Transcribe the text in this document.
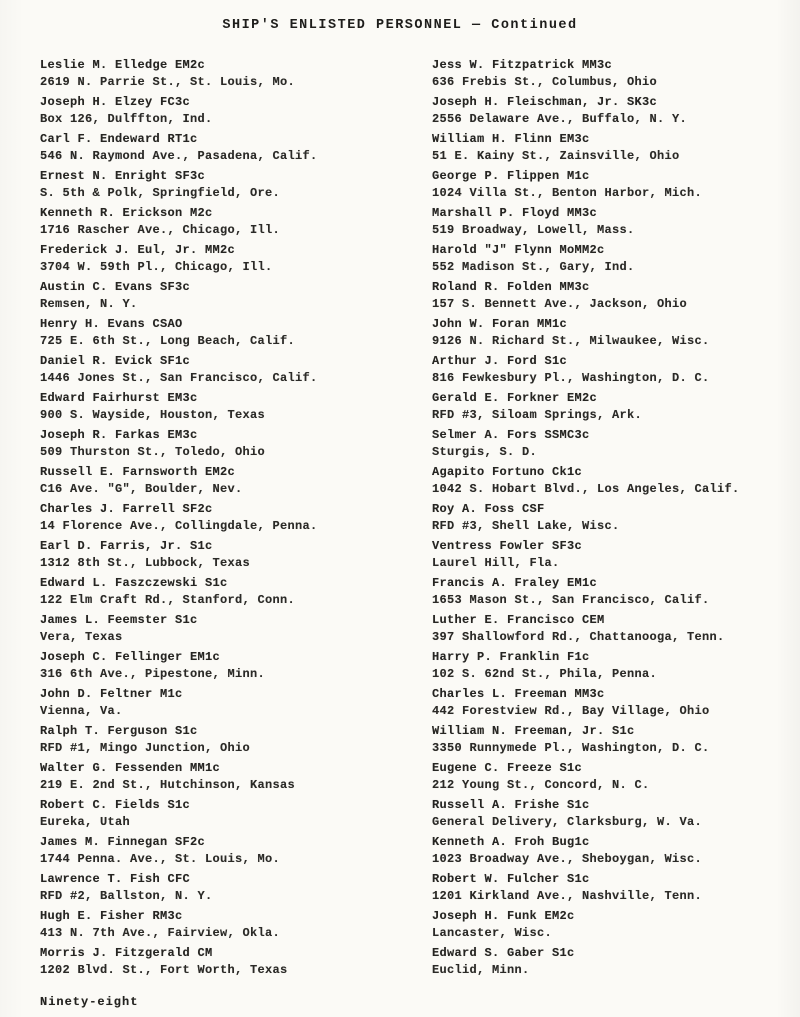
SHIP'S ENLISTED PERSONNEL — Continued
Leslie M. Elledge EM2c
2619 N. Parrie St., St. Louis, Mo.
Joseph H. Elzey FC3c
Box 126, Dulffton, Ind.
Carl F. Endeward RT1c
546 N. Raymond Ave., Pasadena, Calif.
Ernest N. Enright SF3c
S. 5th & Polk, Springfield, Ore.
Kenneth R. Erickson M2c
1716 Rascher Ave., Chicago, Ill.
Frederick J. Eul, Jr. MM2c
3704 W. 59th Pl., Chicago, Ill.
Austin C. Evans SF3c
Remsen, N. Y.
Henry H. Evans CSAO
725 E. 6th St., Long Beach, Calif.
Daniel R. Evick SF1c
1446 Jones St., San Francisco, Calif.
Edward Fairhurst EM3c
900 S. Wayside, Houston, Texas
Joseph R. Farkas EM3c
509 Thurston St., Toledo, Ohio
Russell E. Farnsworth EM2c
C16 Ave. "G", Boulder, Nev.
Charles J. Farrell SF2c
14 Florence Ave., Collingdale, Penna.
Earl D. Farris, Jr. S1c
1312 8th St., Lubbock, Texas
Edward L. Faszczewski S1c
122 Elm Craft Rd., Stanford, Conn.
James L. Feemster S1c
Vera, Texas
Joseph C. Fellinger EM1c
316 6th Ave., Pipestone, Minn.
John D. Feltner M1c
Vienna, Va.
Ralph T. Ferguson S1c
RFD #1, Mingo Junction, Ohio
Walter G. Fessenden MM1c
219 E. 2nd St., Hutchinson, Kansas
Robert C. Fields S1c
Eureka, Utah
James M. Finnegan SF2c
1744 Penna. Ave., St. Louis, Mo.
Lawrence T. Fish CFC
RFD #2, Ballston, N. Y.
Hugh E. Fisher RM3c
413 N. 7th Ave., Fairview, Okla.
Morris J. Fitzgerald CM
1202 Blvd. St., Fort Worth, Texas
Jess W. Fitzpatrick MM3c
636 Frebis St., Columbus, Ohio
Joseph H. Fleischman, Jr. SK3c
2556 Delaware Ave., Buffalo, N. Y.
William H. Flinn EM3c
51 E. Kainy St., Zainsville, Ohio
George P. Flippen M1c
1024 Villa St., Benton Harbor, Mich.
Marshall P. Floyd MM3c
519 Broadway, Lowell, Mass.
Harold "J" Flynn MoMM2c
552 Madison St., Gary, Ind.
Roland R. Folden MM3c
157 S. Bennett Ave., Jackson, Ohio
John W. Foran MM1c
9126 N. Richard St., Milwaukee, Wisc.
Arthur J. Ford S1c
816 Fewkesbury Pl., Washington, D. C.
Gerald E. Forkner EM2c
RFD #3, Siloam Springs, Ark.
Selmer A. Fors SSMC3c
Sturgis, S. D.
Agapito Fortuno Ck1c
1042 S. Hobart Blvd., Los Angeles, Calif.
Roy A. Foss CSF
RFD #3, Shell Lake, Wisc.
Ventress Fowler SF3c
Laurel Hill, Fla.
Francis A. Fraley EM1c
1653 Mason St., San Francisco, Calif.
Luther E. Francisco CEM
397 Shallowford Rd., Chattanooga, Tenn.
Harry P. Franklin F1c
102 S. 62nd St., Phila, Penna.
Charles L. Freeman MM3c
442 Forestview Rd., Bay Village, Ohio
William N. Freeman, Jr. S1c
3350 Runnymede Pl., Washington, D. C.
Eugene C. Freeze S1c
212 Young St., Concord, N. C.
Russell A. Frishe S1c
General Delivery, Clarksburg, W. Va.
Kenneth A. Froh Bug1c
1023 Broadway Ave., Sheboygan, Wisc.
Robert W. Fulcher S1c
1201 Kirkland Ave., Nashville, Tenn.
Joseph H. Funk EM2c
Lancaster, Wisc.
Edward S. Gaber S1c
Euclid, Minn.
Ninety-eight
